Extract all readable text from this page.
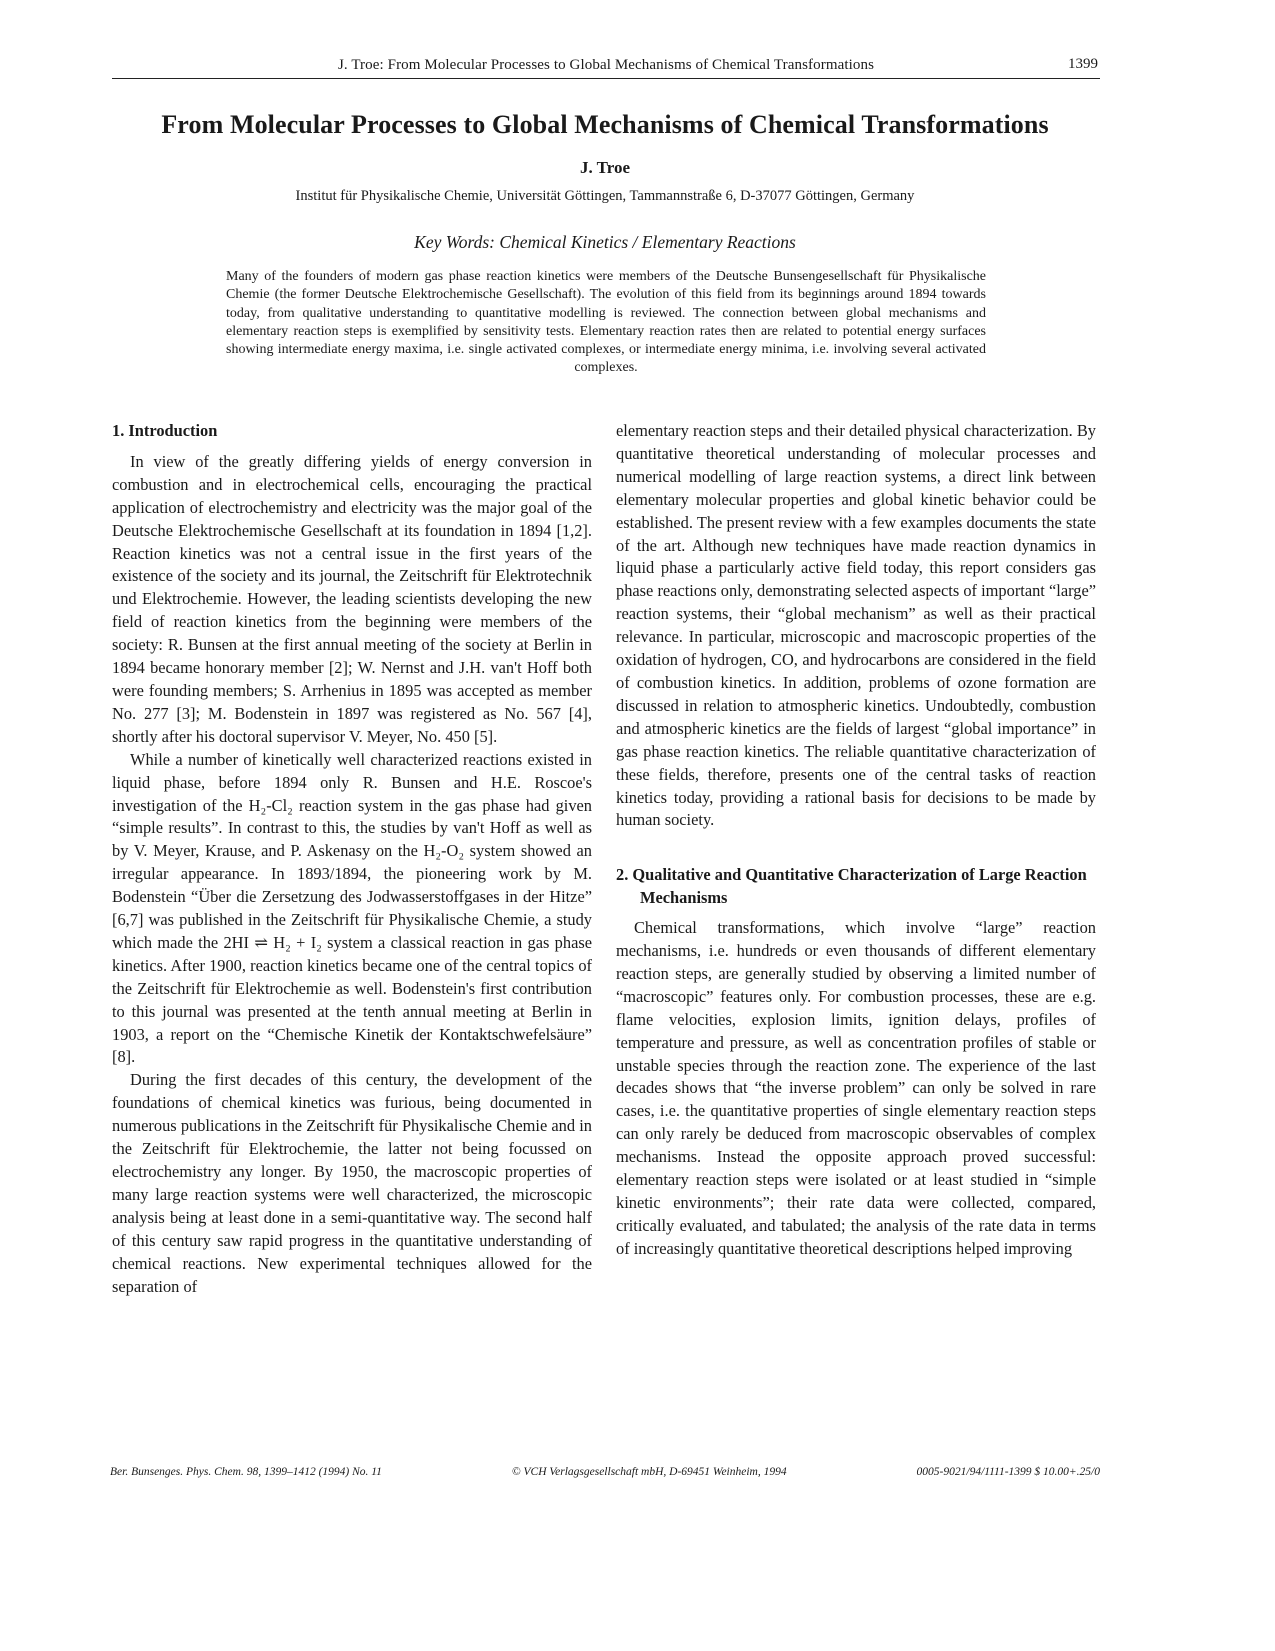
J. Troe: From Molecular Processes to Global Mechanisms of Chemical Transformations	1399
From Molecular Processes to Global Mechanisms of Chemical Transformations
J. Troe
Institut für Physikalische Chemie, Universität Göttingen, Tammannstraße 6, D-37077 Göttingen, Germany
Key Words: Chemical Kinetics / Elementary Reactions

Many of the founders of modern gas phase reaction kinetics were members of the Deutsche Bunsengesellschaft für Physikalische Chemie (the former Deutsche Elektrochemische Gesellschaft). The evolution of this field from its beginnings around 1894 towards today, from qualitative understanding to quantitative modelling is reviewed. The connection between global mechanisms and elementary reaction steps is exemplified by sensitivity tests. Elementary reaction rates then are related to potential energy surfaces showing intermediate energy maxima, i.e. single activated complexes, or intermediate energy minima, i.e. involving several activated complexes.

1. Introduction

In view of the greatly differing yields of energy conversion in combustion and in electrochemical cells, encouraging the practical application of electrochemistry and electricity was the major goal of the Deutsche Elektrochemische Gesellschaft at its foundation in 1894 [1,2]. Reaction kinetics was not a central issue in the first years of the existence of the society and its journal, the Zeitschrift für Elektrotechnik und Elektrochemie. However, the leading scientists developing the new field of reaction kinetics from the beginning were members of the society: R. Bunsen at the first annual meeting of the society at Berlin in 1894 became honorary member [2]; W. Nernst and J.H. van't Hoff both were founding members; S. Arrhenius in 1895 was accepted as member No. 277 [3]; M. Bodenstein in 1897 was registered as No. 567 [4], shortly after his doctoral supervisor V. Meyer, No. 450 [5].

While a number of kinetically well characterized reactions existed in liquid phase, before 1894 only R. Bunsen and H.E. Roscoe's investigation of the H₂-Cl₂ reaction system in the gas phase had given “simple results”. In contrast to this, the studies by van't Hoff as well as by V. Meyer, Krause, and P. Askenasy on the H₂-O₂ system showed an irregular appearance. In 1893/1894, the pioneering work by M. Bodenstein “Über die Zersetzung des Jodwasserstoffgases in der Hitze” [6,7] was published in the Zeitschrift für Physikalische Chemie, a study which made the 2HI ⇌ H₂ + I₂ system a classical reaction in gas phase kinetics. After 1900, reaction kinetics became one of the central topics of the Zeitschrift für Elektrochemie as well. Bodenstein's first contribution to this journal was presented at the tenth annual meeting at Berlin in 1903, a report on the “Chemische Kinetik der Kontaktschwefelsäure” [8].

During the first decades of this century, the development of the foundations of chemical kinetics was furious, being documented in numerous publications in the Zeitschrift für Physikalische Chemie and in the Zeitschrift für Elektrochemie, the latter not being focussed on electrochemistry any longer. By 1950, the macroscopic properties of many large reaction systems were well characterized, the microscopic analysis being at least done in a semi-quantitative way. The second half of this century saw rapid progress in the quantitative understanding of chemical reactions. New experimental techniques allowed for the separation of

elementary reaction steps and their detailed physical characterization. By quantitative theoretical understanding of molecular processes and numerical modelling of large reaction systems, a direct link between elementary molecular properties and global kinetic behavior could be established. The present review with a few examples documents the state of the art. Although new techniques have made reaction dynamics in liquid phase a particularly active field today, this report considers gas phase reactions only, demonstrating selected aspects of important “large” reaction systems, their “global mechanism” as well as their practical relevance. In particular, microscopic and macroscopic properties of the oxidation of hydrogen, CO, and hydrocarbons are considered in the field of combustion kinetics. In addition, problems of ozone formation are discussed in relation to atmospheric kinetics. Undoubtedly, combustion and atmospheric kinetics are the fields of largest “global importance” in gas phase reaction kinetics. The reliable quantitative characterization of these fields, therefore, presents one of the central tasks of reaction kinetics today, providing a rational basis for decisions to be made by human society.

2. Qualitative and Quantitative Characterization of Large Reaction Mechanisms

Chemical transformations, which involve “large” reaction mechanisms, i.e. hundreds or even thousands of different elementary reaction steps, are generally studied by observing a limited number of “macroscopic” features only. For combustion processes, these are e.g. flame velocities, explosion limits, ignition delays, profiles of temperature and pressure, as well as concentration profiles of stable or unstable species through the reaction zone. The experience of the last decades shows that “the inverse problem” can only be solved in rare cases, i.e. the quantitative properties of single elementary reaction steps can only rarely be deduced from macroscopic observables of complex mechanisms. Instead the opposite approach proved successful: elementary reaction steps were isolated or at least studied in “simple kinetic environments”; their rate data were collected, compared, critically evaluated, and tabulated; the analysis of the rate data in terms of increasingly quantitative theoretical descriptions helped improving

Ber. Bunsenges. Phys. Chem. 98, 1399–1412 (1994) No. 11	© VCH Verlagsgesellschaft mbH, D-69451 Weinheim, 1994	0005-9021/94/1111-1399 $ 10.00+.25/0
